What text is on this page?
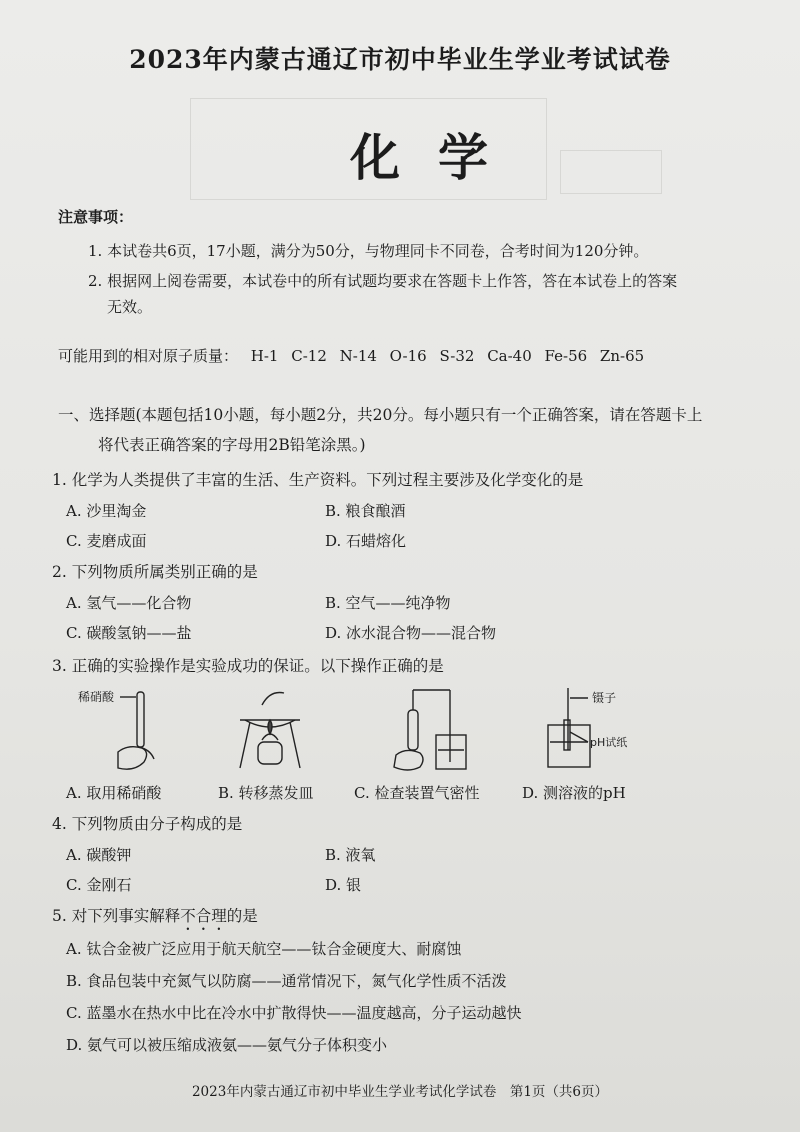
2023年内蒙古通辽市初中毕业生学业考试试卷
化学
注意事项：
1. 本试卷共6页，17小题，满分为50分，与物理同卡不同卷，合考时间为120分钟。
2. 根据网上阅卷需要，本试卷中的所有试题均要求在答题卡上作答，答在本试卷上的答案
无效。
可能用到的相对原子质量： H-1 C-12 N-14 O-16 S-32 Ca-40 Fe-56 Zn-65
一、选择题(本题包括10小题，每小题2分，共20分。每小题只有一个正确答案，请在答题卡上
将代表正确答案的字母用2B铅笔涂黑。)
1. 化学为人类提供了丰富的生活、生产资料。下列过程主要涉及化学变化的是
A. 沙里淘金	B. 粮食酿酒
C. 麦磨成面	D. 石蜡熔化
2. 下列物质所属类别正确的是
A. 氢气——化合物	B. 空气——纯净物
C. 碳酸氢钠——盐	D. 冰水混合物——混合物
3. 正确的实验操作是实验成功的保证。以下操作正确的是
稀硝酸	镊子
pH试纸
A. 取用稀硝酸	B. 转移蒸发皿	C. 检查装置气密性	D. 测溶液的pH
4. 下列物质由分子构成的是
A. 碳酸钾	B. 液氧
C. 金刚石	D. 银
5. 对下列事实解释不合理的是
A. 钛合金被广泛应用于航天航空——钛合金硬度大、耐腐蚀
B. 食品包装中充氮气以防腐——通常情况下，氮气化学性质不活泼
C. 蓝墨水在热水中比在冷水中扩散得快——温度越高，分子运动越快
D. 氨气可以被压缩成液氨——氨气分子体积变小
2023年内蒙古通辽市初中毕业生学业考试化学试卷　第1页（共6页）
